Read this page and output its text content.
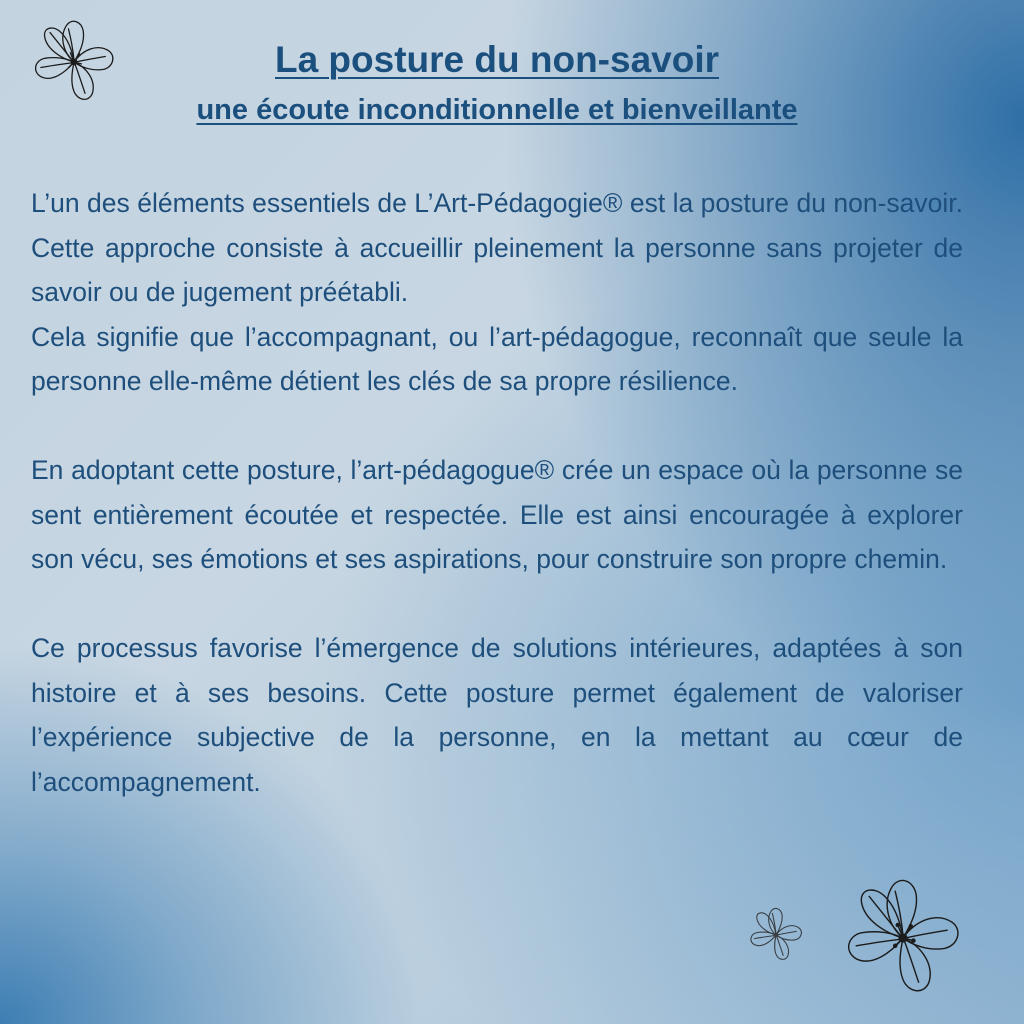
La posture du non-savoir
une écoute inconditionnelle et bienveillante

L’un des éléments essentiels de L’Art-Pédagogie® est la posture du non-savoir. Cette approche consiste à accueillir pleinement la personne sans projeter de savoir ou de jugement préétabli.

Cela signifie que l’accompagnant, ou l’art-pédagogue, reconnaît que seule la personne elle-même détient les clés de sa propre résilience.

En adoptant cette posture, l’art-pédagogue® crée un espace où la personne se sent entièrement écoutée et respectée. Elle est ainsi encouragée à explorer son vécu, ses émotions et ses aspirations, pour construire son propre chemin.

Ce processus favorise l’émergence de solutions intérieures, adaptées à son histoire et à ses besoins. Cette posture permet également de valoriser l’expérience subjective de la personne, en la mettant au cœur de l’accompagnement.
